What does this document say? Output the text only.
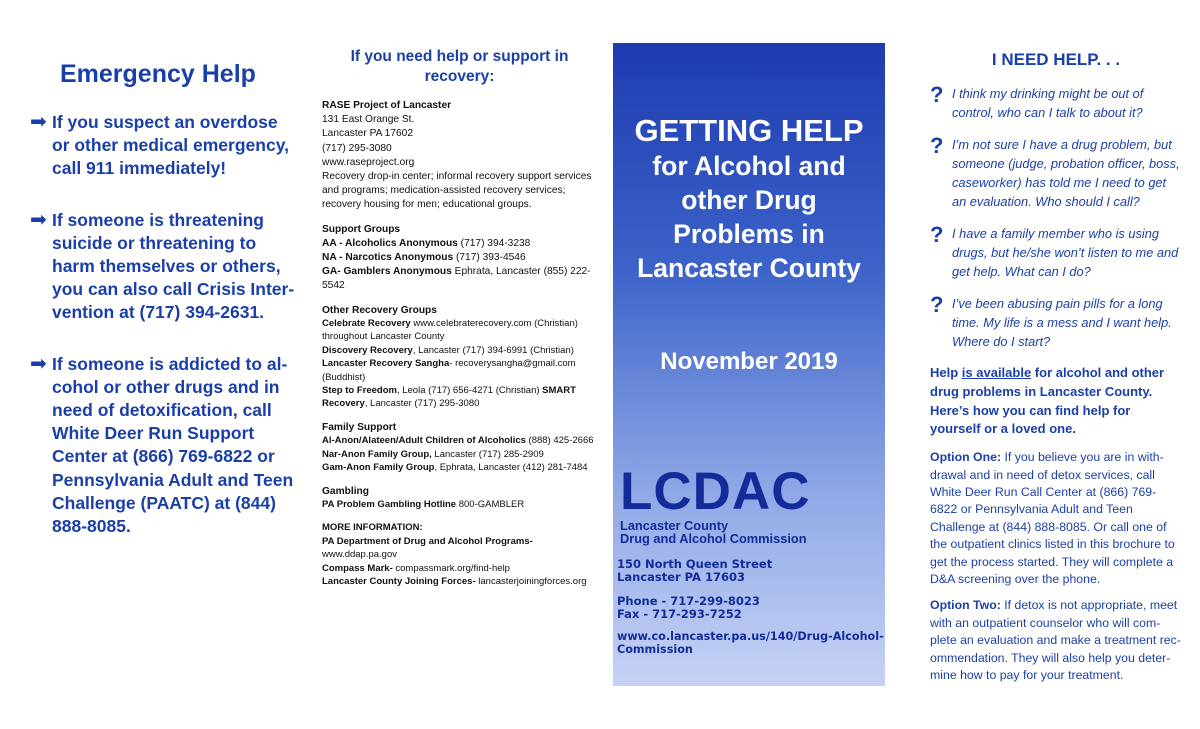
Emergency Help
➡ If you suspect an overdose or other medical emergency, call 911 immediately!
➡ If someone is threatening suicide or threatening to harm themselves or others, you can also call Crisis Inter- vention at (717) 394-2631.
➡ If someone is addicted to al- cohol or other drugs and in need of detoxification, call White Deer Run Support Center at (866) 769-6822 or Pennsylvania Adult and Teen Challenge (PAATC) at (844) 888-8085.
If you need help or support in recovery:
RASE Project of Lancaster
131 East Orange St.
Lancaster PA 17602
(717) 295-3080
www.raseproject.org
Recovery drop-in center; informal recovery support services and programs; medication-assisted recovery services; recovery housing for men; educational groups.
Support Groups
AA - Alcoholics Anonymous (717) 394-3238
NA - Narcotics Anonymous (717) 393-4546
GA- Gamblers Anonymous Ephrata, Lancaster (855) 222-5542
Other Recovery Groups
Celebrate Recovery www.celebraterecovery.com (Christian) throughout Lancaster County
Discovery Recovery, Lancaster (717) 394-6991 (Christian)
Lancaster Recovery Sangha- recoverysangha@gmail.com (Buddhist)
Step to Freedom, Leola (717) 656-4271 (Christian) SMART Recovery, Lancaster (717) 295-3080
Family Support
Al-Anon/Alateen/Adult Children of Alcoholics (888) 425-2666
Nar-Anon Family Group, Lancaster (717) 285-2909
Gam-Anon Family Group, Ephrata, Lancaster (412) 281-7484
Gambling
PA Problem Gambling Hotline 800-GAMBLER
MORE INFORMATION:
PA Department of Drug and Alcohol Programs- www.ddap.pa.gov
Compass Mark- compassmark.org/find-help
Lancaster County Joining Forces- lancasterjoiningforces.org
GETTING HELP
for Alcohol and
other Drug
Problems in
Lancaster County
November 2019
LCDAC
Lancaster County
Drug and Alcohol Commission
150 North Queen Street
Lancaster PA 17603
Phone - 717-299-8023
Fax - 717-293-7252
www.co.lancaster.pa.us/140/Drug-Alcohol-Commission
I NEED HELP. . .
? I think my drinking might be out of control, who can I talk to about it?
? I’m not sure I have a drug problem, but someone (judge, probation officer, boss, caseworker) has told me I need to get an evaluation. Who should I call?
? I have a family member who is using drugs, but he/she won’t listen to me and get help. What can I do?
? I’ve been abusing pain pills for a long time. My life is a mess and I want help. Where do I start?
Help is available for alcohol and other drug problems in Lancaster County. Here’s how you can find help for yourself or a loved one.
Option One: If you believe you are in with- drawal and in need of detox services, call White Deer Run Call Center at (866) 769-6822 or Pennsylvania Adult and Teen Challenge at (844) 888-8085. Or call one of the outpatient clinics listed in this brochure to get the process started. They will complete a D&A screening over the phone.
Option Two: If detox is not appropriate, meet with an outpatient counselor who will com- plete an evaluation and make a treatment rec- ommendation. They will also help you deter- mine how to pay for your treatment.
